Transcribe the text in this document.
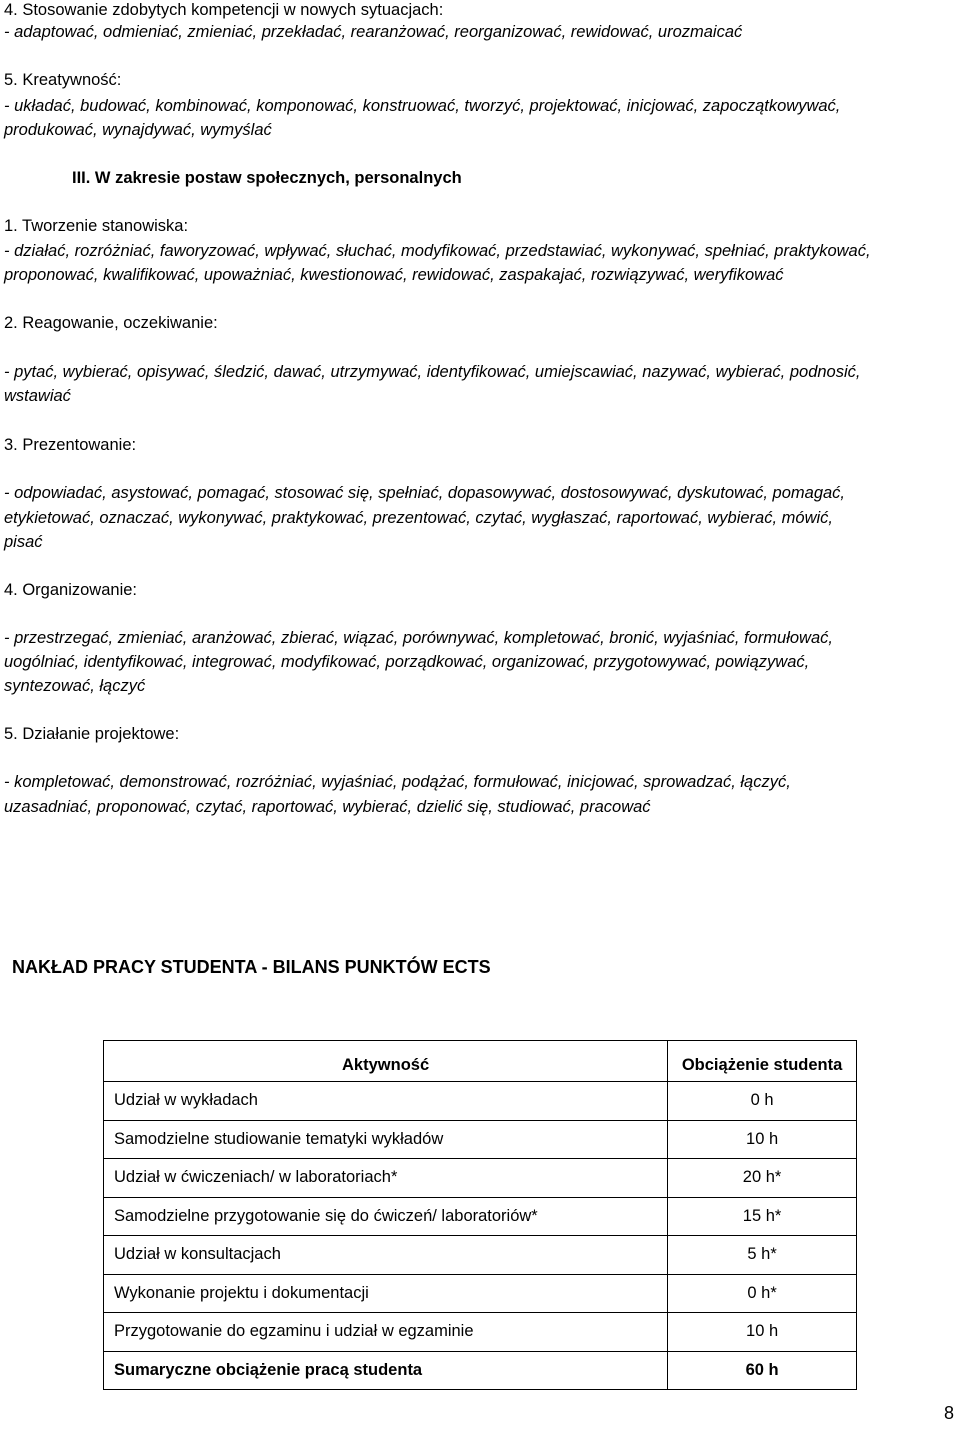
4. Stosowanie zdobytych kompetencji w nowych sytuacjach:
- adaptować, odmieniać, zmieniać, przekładać, rearanżować, reorganizować, rewidować, urozmaicać
5. Kreatywność:
- układać, budować, kombinować, komponować, konstruować, tworzyć, projektować, inicjować, zapoczątkowywać,
produkować, wynajdywać, wymyślać
III. W zakresie postaw społecznych, personalnych
1. Tworzenie stanowiska:
- działać, rozróżniać, faworyzować, wpływać, słuchać, modyfikować, przedstawiać, wykonywać, spełniać, praktykować,
proponować, kwalifikować, upoważniać, kwestionować, rewidować, zaspakajać, rozwiązywać, weryfikować
2. Reagowanie, oczekiwanie:
- pytać, wybierać, opisywać, śledzić, dawać, utrzymywać, identyfikować, umiejscawiać, nazywać, wybierać, podnosić,
wstawiać
3. Prezentowanie:
- odpowiadać, asystować, pomagać, stosować się, spełniać, dopasowywać, dostosowywać, dyskutować, pomagać,
etykietować, oznaczać, wykonywać, praktykować, prezentować, czytać, wygłaszać, raportować, wybierać, mówić,
pisać
4. Organizowanie:
- przestrzegać, zmieniać, aranżować, zbierać, wiązać, porównywać, kompletować, bronić, wyjaśniać, formułować,
uogólniać, identyfikować, integrować, modyfikować, porządkować, organizować, przygotowywać, powiązywać,
syntezować, łączyć
5. Działanie projektowe:
- kompletować, demonstrować, rozróżniać, wyjaśniać, podążać, formułować, inicjować, sprowadzać, łączyć,
uzasadniać, proponować, czytać, raportować, wybierać, dzielić się, studiować, pracować
NAKŁAD PRACY STUDENTA - BILANS PUNKTÓW ECTS
Aktywność	Obciążenie studenta
Udział w wykładach	0 h
Samodzielne studiowanie tematyki wykładów	10 h
Udział w ćwiczeniach/ w laboratoriach*	20 h*
Samodzielne przygotowanie się do ćwiczeń/ laboratoriów*	15 h*
Udział w konsultacjach	5 h*
Wykonanie projektu i dokumentacji	0 h*
Przygotowanie do egzaminu i udział w egzaminie	10 h
Sumaryczne obciążenie pracą studenta	60 h
8
